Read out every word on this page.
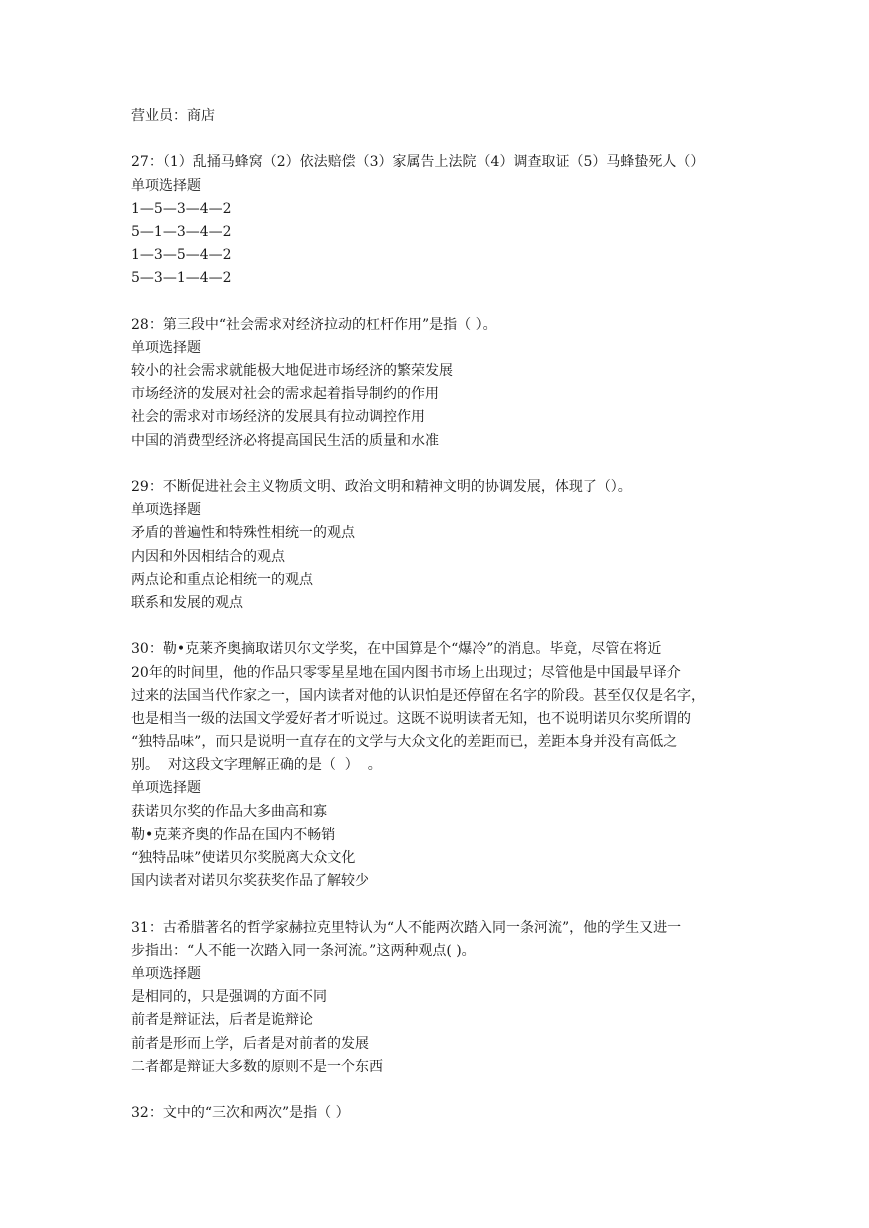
营业员：商店
27：（1）乱捅马蜂窝（2）依法赔偿（3）家属告上法院（4）调查取证（5）马蜂蛰死人（）
单项选择题
1—5—3—4—2
5—1—3—4—2
1—3—5—4—2
5—3—1—4—2
28：第三段中“社会需求对经济拉动的杠杆作用”是指（ ）。
单项选择题
较小的社会需求就能极大地促进市场经济的繁荣发展
市场经济的发展对社会的需求起着指导制约的作用
社会的需求对市场经济的发展具有拉动调控作用
中国的消费型经济必将提高国民生活的质量和水准
29：不断促进社会主义物质文明、政治文明和精神文明的协调发展，体现了（）。
单项选择题
矛盾的普遍性和特殊性相统一的观点
内因和外因相结合的观点
两点论和重点论相统一的观点
联系和发展的观点
30：勒•克莱齐奥摘取诺贝尔文学奖，在中国算是个“爆冷”的消息。毕竟，尽管在将近
20年的时间里，他的作品只零零星星地在国内图书市场上出现过；尽管他是中国最早译介
过来的法国当代作家之一，国内读者对他的认识怕是还停留在名字的阶段。甚至仅仅是名字，
也是相当一级的法国文学爱好者才听说过。这既不说明读者无知，也不说明诺贝尔奖所谓的
“独特品味”，而只是说明一直存在的文学与大众文化的差距而已，差距本身并没有高低之
别。  对这段文字理解正确的是（  ）  。
单项选择题
获诺贝尔奖的作品大多曲高和寡
勒•克莱齐奥的作品在国内不畅销
“独特品味”使诺贝尔奖脱离大众文化
国内读者对诺贝尔奖获奖作品了解较少
31：古希腊著名的哲学家赫拉克里特认为“人不能两次踏入同一条河流”，他的学生又进一
步指出：“人不能一次踏入同一条河流。”这两种观点( )。
单项选择题
是相同的，只是强调的方面不同
前者是辩证法，后者是诡辩论
前者是形而上学，后者是对前者的发展
二者都是辩证大多数的原则不是一个东西
32：文中的“三次和两次”是指（ ）
